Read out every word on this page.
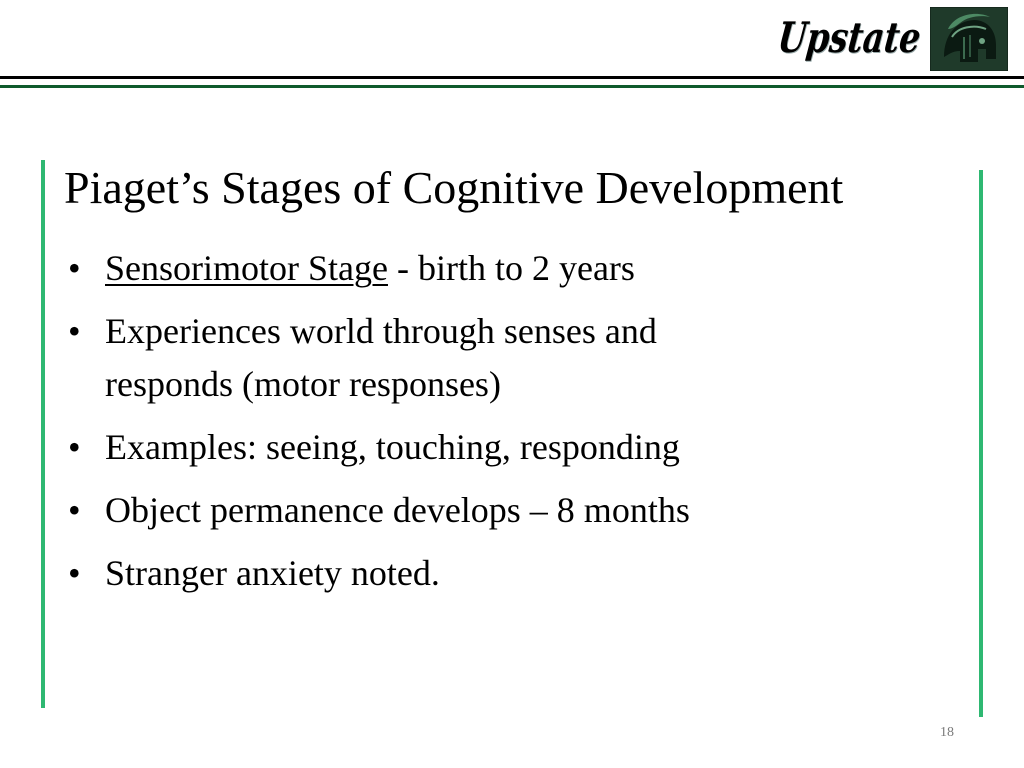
Upstate
Piaget’s Stages of Cognitive Development
• Sensorimotor Stage - birth to 2 years
• Experiences world through senses and
responds (motor responses)
• Examples: seeing, touching, responding
• Object permanence develops – 8 months
• Stranger anxiety noted.
18
